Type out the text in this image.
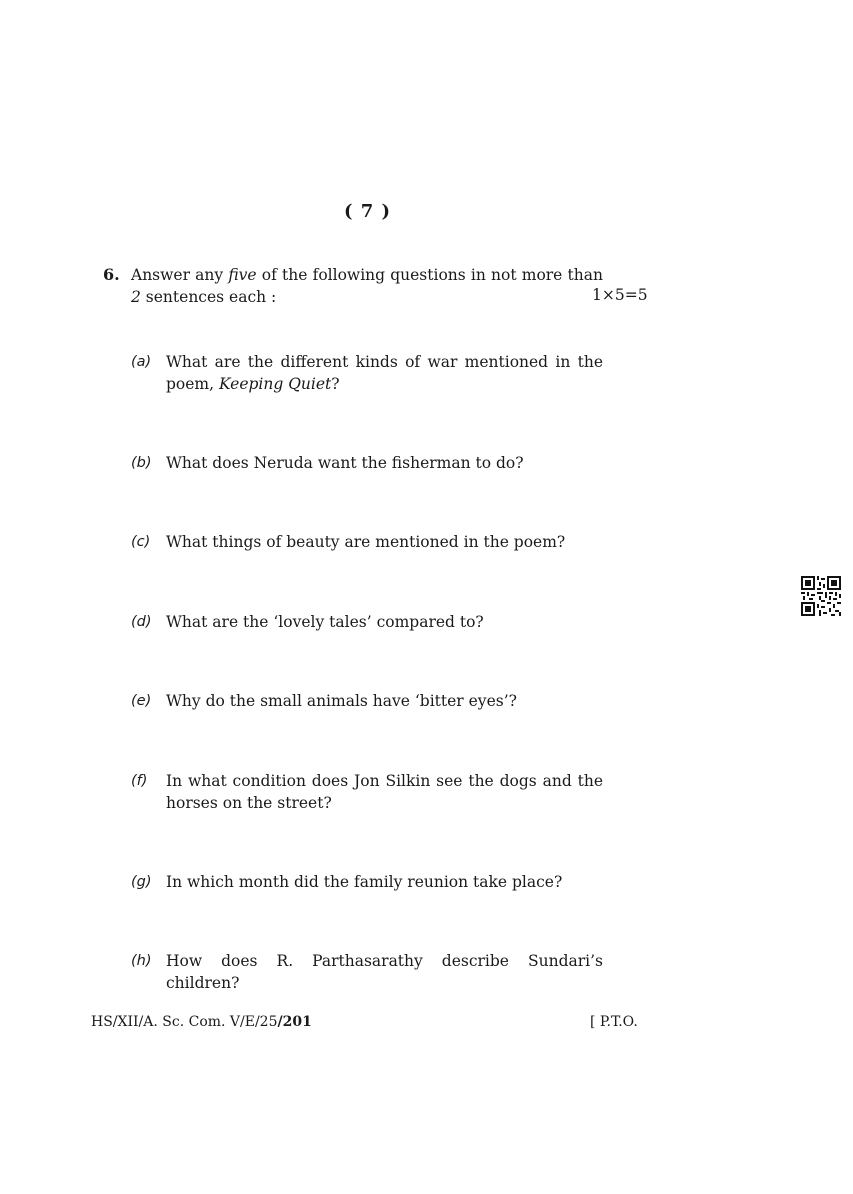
( 7 )
6. Answer any five of the following questions in not more than 2 sentences each :	1×5=5
(a) What are the different kinds of war mentioned in the poem, Keeping Quiet?
(b) What does Neruda want the fisherman to do?
(c) What things of beauty are mentioned in the poem?
(d) What are the ‘lovely tales’ compared to?
(e) Why do the small animals have ‘bitter eyes’?
(f) In what condition does Jon Silkin see the dogs and the horses on the street?
(g) In which month did the family reunion take place?
(h) How does R. Parthasarathy describe Sundari’s children?
HS/XII/A. Sc. Com. V/E/25/201	[ P.T.O.
